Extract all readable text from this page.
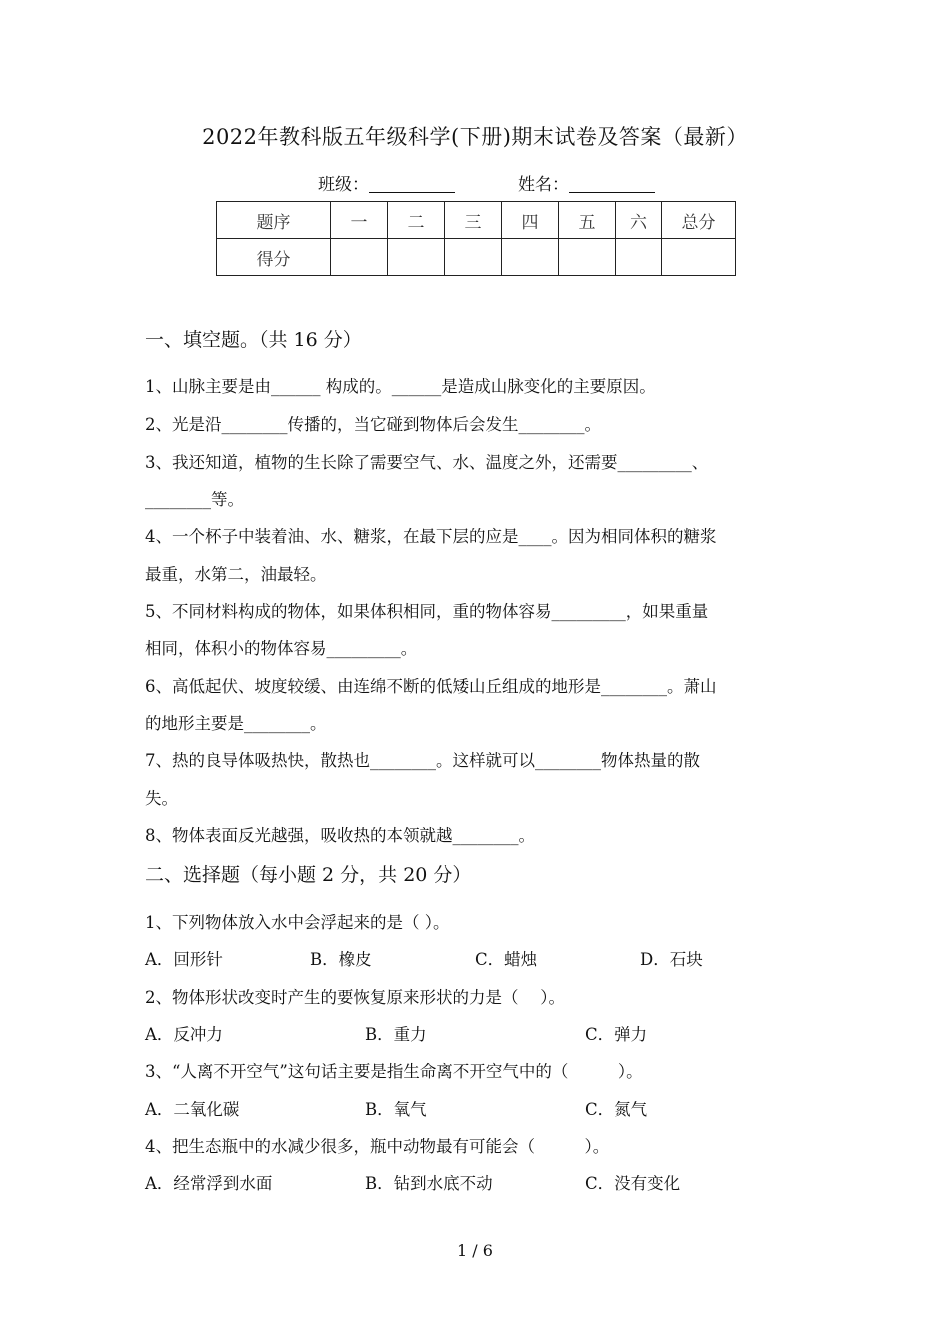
2022年教科版五年级科学(下册)期末试卷及答案（最新）
班级：	姓名：
题序	一	二	三	四	五	六	总分
得分							
一、填空题。（共 16 分）
1、山脉主要是由______ 构成的。______是造成山脉变化的主要原因。
2、光是沿________传播的，当它碰到物体后会发生________。
3、我还知道，植物的生长除了需要空气、水、温度之外，还需要_________、
________等。
4、一个杯子中装着油、水、糖浆，在最下层的应是____。因为相同体积的糖浆
最重，水第二，油最轻。
5、不同材料构成的物体，如果体积相同，重的物体容易_________，如果重量
相同，体积小的物体容易_________。
6、高低起伏、坡度较缓、由连绵不断的低矮山丘组成的地形是________。萧山
的地形主要是________。
7、热的良导体吸热快，散热也________。这样就可以________物体热量的散
失。
8、物体表面反光越强，吸收热的本领就越________。
二、选择题（每小题 2 分，共 20 分）
1、下列物体放入水中会浮起来的是（ ）。
A．回形针	B．橡皮	C．蜡烛	D．石块
2、物体形状改变时产生的要恢复原来形状的力是（　 ）。
A．反冲力	B．重力	C．弹力
3、“人离不开空气”这句话主要是指生命离不开空气中的（　　　）。
A．二氧化碳	B．氧气	C．氮气
4、把生态瓶中的水减少很多，瓶中动物最有可能会（　　　）。
A．经常浮到水面	B．钻到水底不动	C．没有变化
1 / 6
